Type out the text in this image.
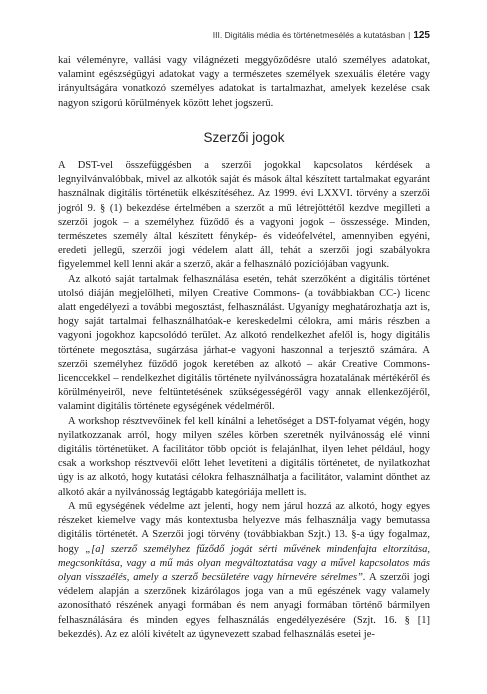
III. Digitális média és történetmesélés a kutatásban | 125

kai véleményre, vallási vagy világnézeti meggyőződésre utaló személyes adatokat, valamint egészségügyi adatokat vagy a természetes személyek szexuális életére vagy irányultságára vonatkozó személyes adatokat is tartalmazhat, amelyek kezelése csak nagyon szigorú körülmények között lehet jogszerű.

Szerzői jogok

A DST-vel összefüggésben a szerzői jogokkal kapcsolatos kérdések a legnyilvánvalóbbak, mivel az alkotók saját és mások által készített tartalmakat egyaránt használnak digitális történetük elkészítéséhez. Az 1999. évi LXXVI. törvény a szerzői jogról 9. § (1) bekezdése értelmében a szerzőt a mű létrejöttétől kezdve megilleti a szerzői jogok – a személyhez fűződő és a vagyoni jogok – összessége. Minden, természetes személy által készített fénykép- és videófelvétel, amennyiben egyéni, eredeti jellegű, szerzői jogi védelem alatt áll, tehát a szerzői jogi szabályokra figyelemmel kell lenni akár a szerző, akár a felhasználó pozíciójában vagyunk.

Az alkotó saját tartalmak felhasználása esetén, tehát szerzőként a digitális történet utolsó diáján megjelölheti, milyen Creative Commons- (a továbbiakban CC-) licenc alatt engedélyezi a további megosztást, felhasználást. Ugyanígy meghatározhatja azt is, hogy saját tartalmai felhasználhatóak-e kereskedelmi célokra, ami máris részben a vagyoni jogokhoz kapcsolódó terület. Az alkotó rendelkezhet afelől is, hogy digitális története megosztása, sugárzása járhat-e vagyoni haszonnal a terjesztő számára. A szerzői személyhez fűződő jogok keretében az alkotó – akár Creative Commons-licenccekkel – rendelkezhet digitális története nyilvánosságra hozatalának mértékéről és körülményeiről, neve feltüntetésének szükségességéről vagy annak ellenkezőjéről, valamint digitális története egységének védelméről.

A workshop résztvevőinek fel kell kínálni a lehetőséget a DST-folyamat végén, hogy nyilatkozzanak arról, hogy milyen széles körben szeretnék nyilvánosság elé vinni digitális történetüket. A facilitátor több opciót is felajánlhat, ilyen lehet például, hogy csak a workshop résztvevői előtt lehet levetíteni a digitális történetet, de nyilatkozhat úgy is az alkotó, hogy kutatási célokra felhasználhatja a facilitátor, valamint dönthet az alkotó akár a nyilvánosság legtágabb kategóriája mellett is.

A mű egységének védelme azt jelenti, hogy nem járul hozzá az alkotó, hogy egyes részeket kiemelve vagy más kontextusba helyezve más felhasználja vagy bemutassa digitális történetét. A Szerzői jogi törvény (továbbiakban Szjt.) 13. §-a úgy fogalmaz, hogy „[a] szerző személyhez fűződő jogát sérti művének mindenfajta eltorzítása, megcsonkítása, vagy a mű más olyan megváltoztatása vagy a művel kapcsolatos más olyan visszaélés, amely a szerző becsületére vagy hírnevére sérelmes”. A szerzői jogi védelem alapján a szerzőnek kizárólagos joga van a mű egészének vagy valamely azonosítható részének anyagi formában és nem anyagi formában történő bármilyen felhasználására és minden egyes felhasználás engedélyezésére (Szjt. 16. § [1] bekezdés). Az ez alóli kivételt az úgynevezett szabad felhasználás esetei je-
